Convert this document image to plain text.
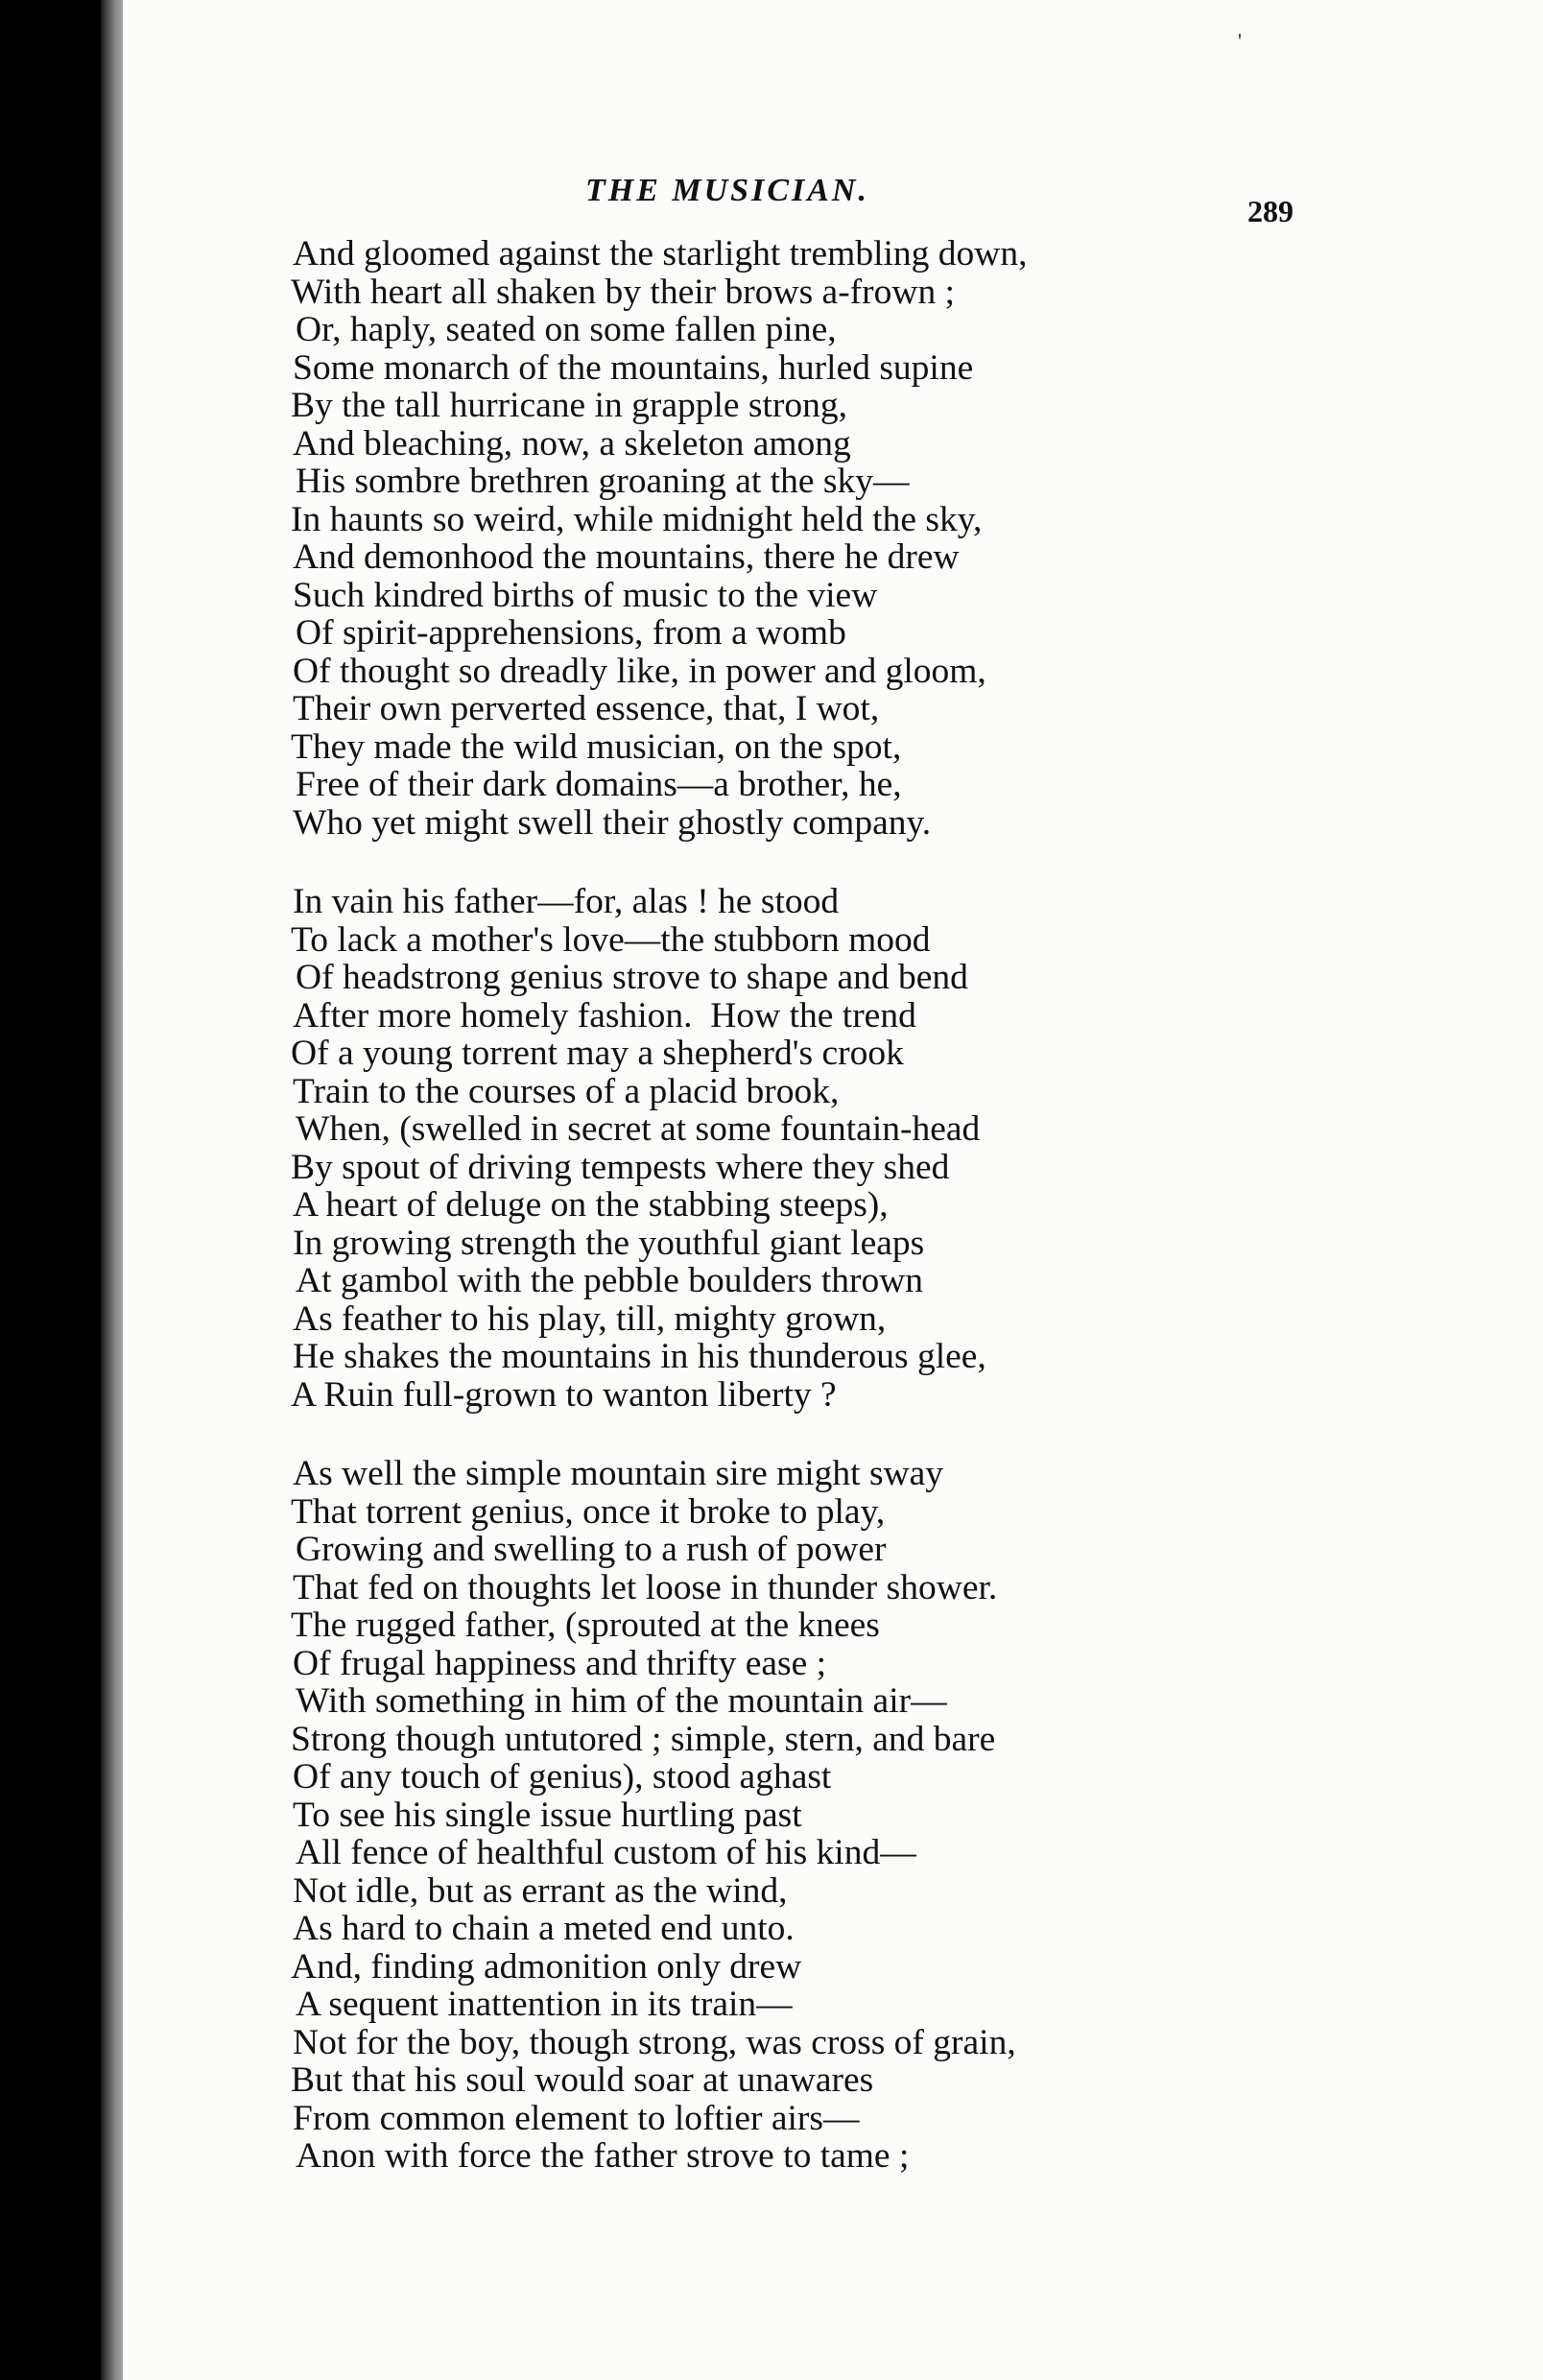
'
THE MUSICIAN.
289
And gloomed against the starlight trembling down,
With heart all shaken by their brows a-frown ;
Or, haply, seated on some fallen pine,
Some monarch of the mountains, hurled supine
By the tall hurricane in grapple strong,
And bleaching, now, a skeleton among
His sombre brethren groaning at the sky—
In haunts so weird, while midnight held the sky,
And demonhood the mountains, there he drew
Such kindred births of music to the view
Of spirit-apprehensions, from a womb
Of thought so dreadly like, in power and gloom,
Their own perverted essence, that, I wot,
They made the wild musician, on the spot,
Free of their dark domains—a brother, he,
Who yet might swell their ghostly company.
In vain his father—for, alas ! he stood
To lack a mother's love—the stubborn mood
Of headstrong genius strove to shape and bend
After more homely fashion.  How the trend
Of a young torrent may a shepherd's crook
Train to the courses of a placid brook,
When, (swelled in secret at some fountain-head
By spout of driving tempests where they shed
A heart of deluge on the stabbing steeps),
In growing strength the youthful giant leaps
At gambol with the pebble boulders thrown
As feather to his play, till, mighty grown,
He shakes the mountains in his thunderous glee,
A Ruin full-grown to wanton liberty ?
As well the simple mountain sire might sway
That torrent genius, once it broke to play,
Growing and swelling to a rush of power
That fed on thoughts let loose in thunder shower.
The rugged father, (sprouted at the knees
Of frugal happiness and thrifty ease ;
With something in him of the mountain air—
Strong though untutored ; simple, stern, and bare
Of any touch of genius), stood aghast
To see his single issue hurtling past
All fence of healthful custom of his kind—
Not idle, but as errant as the wind,
As hard to chain a meted end unto.
And, finding admonition only drew
A sequent inattention in its train—
Not for the boy, though strong, was cross of grain,
But that his soul would soar at unawares
From common element to loftier airs—
Anon with force the father strove to tame ;
